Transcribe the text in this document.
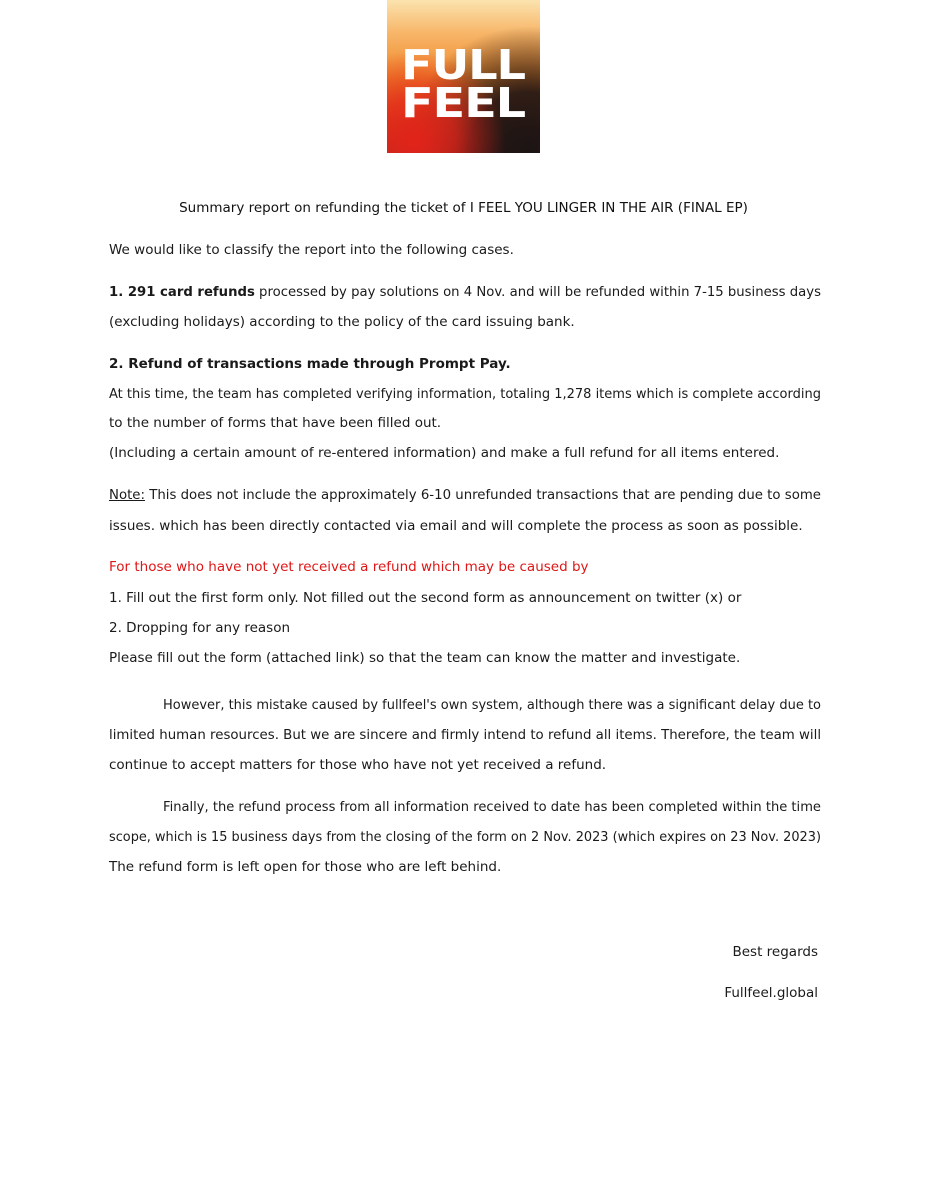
FULL
FEEL
Summary report on refunding the ticket of I FEEL YOU LINGER IN THE AIR (FINAL EP)
We would like to classify the report into the following cases.
1. 291 card refunds processed by pay solutions on 4 Nov. and will be refunded within 7-15 business days
(excluding holidays) according to the policy of the card issuing bank.
2. Refund of transactions made through Prompt Pay.
At this time, the team has completed verifying information, totaling 1,278 items which is complete according
to the number of forms that have been filled out.
(Including a certain amount of re-entered information) and make a full refund for all items entered.
Note: This does not include the approximately 6-10 unrefunded transactions that are pending due to some
issues. which has been directly contacted via email and will complete the process as soon as possible.
For those who have not yet received a refund which may be caused by
1. Fill out the first form only. Not filled out the second form as announcement on twitter (x) or
2. Dropping for any reason
Please fill out the form (attached link) so that the team can know the matter and investigate.
However, this mistake caused by fullfeel's own system, although there was a significant delay due to
limited human resources. But we are sincere and firmly intend to refund all items. Therefore, the team will
continue to accept matters for those who have not yet received a refund.
Finally, the refund process from all information received to date has been completed within the time
scope, which is 15 business days from the closing of the form on 2 Nov. 2023 (which expires on 23 Nov. 2023)
The refund form is left open for those who are left behind.
Best regards
Fullfeel.global
